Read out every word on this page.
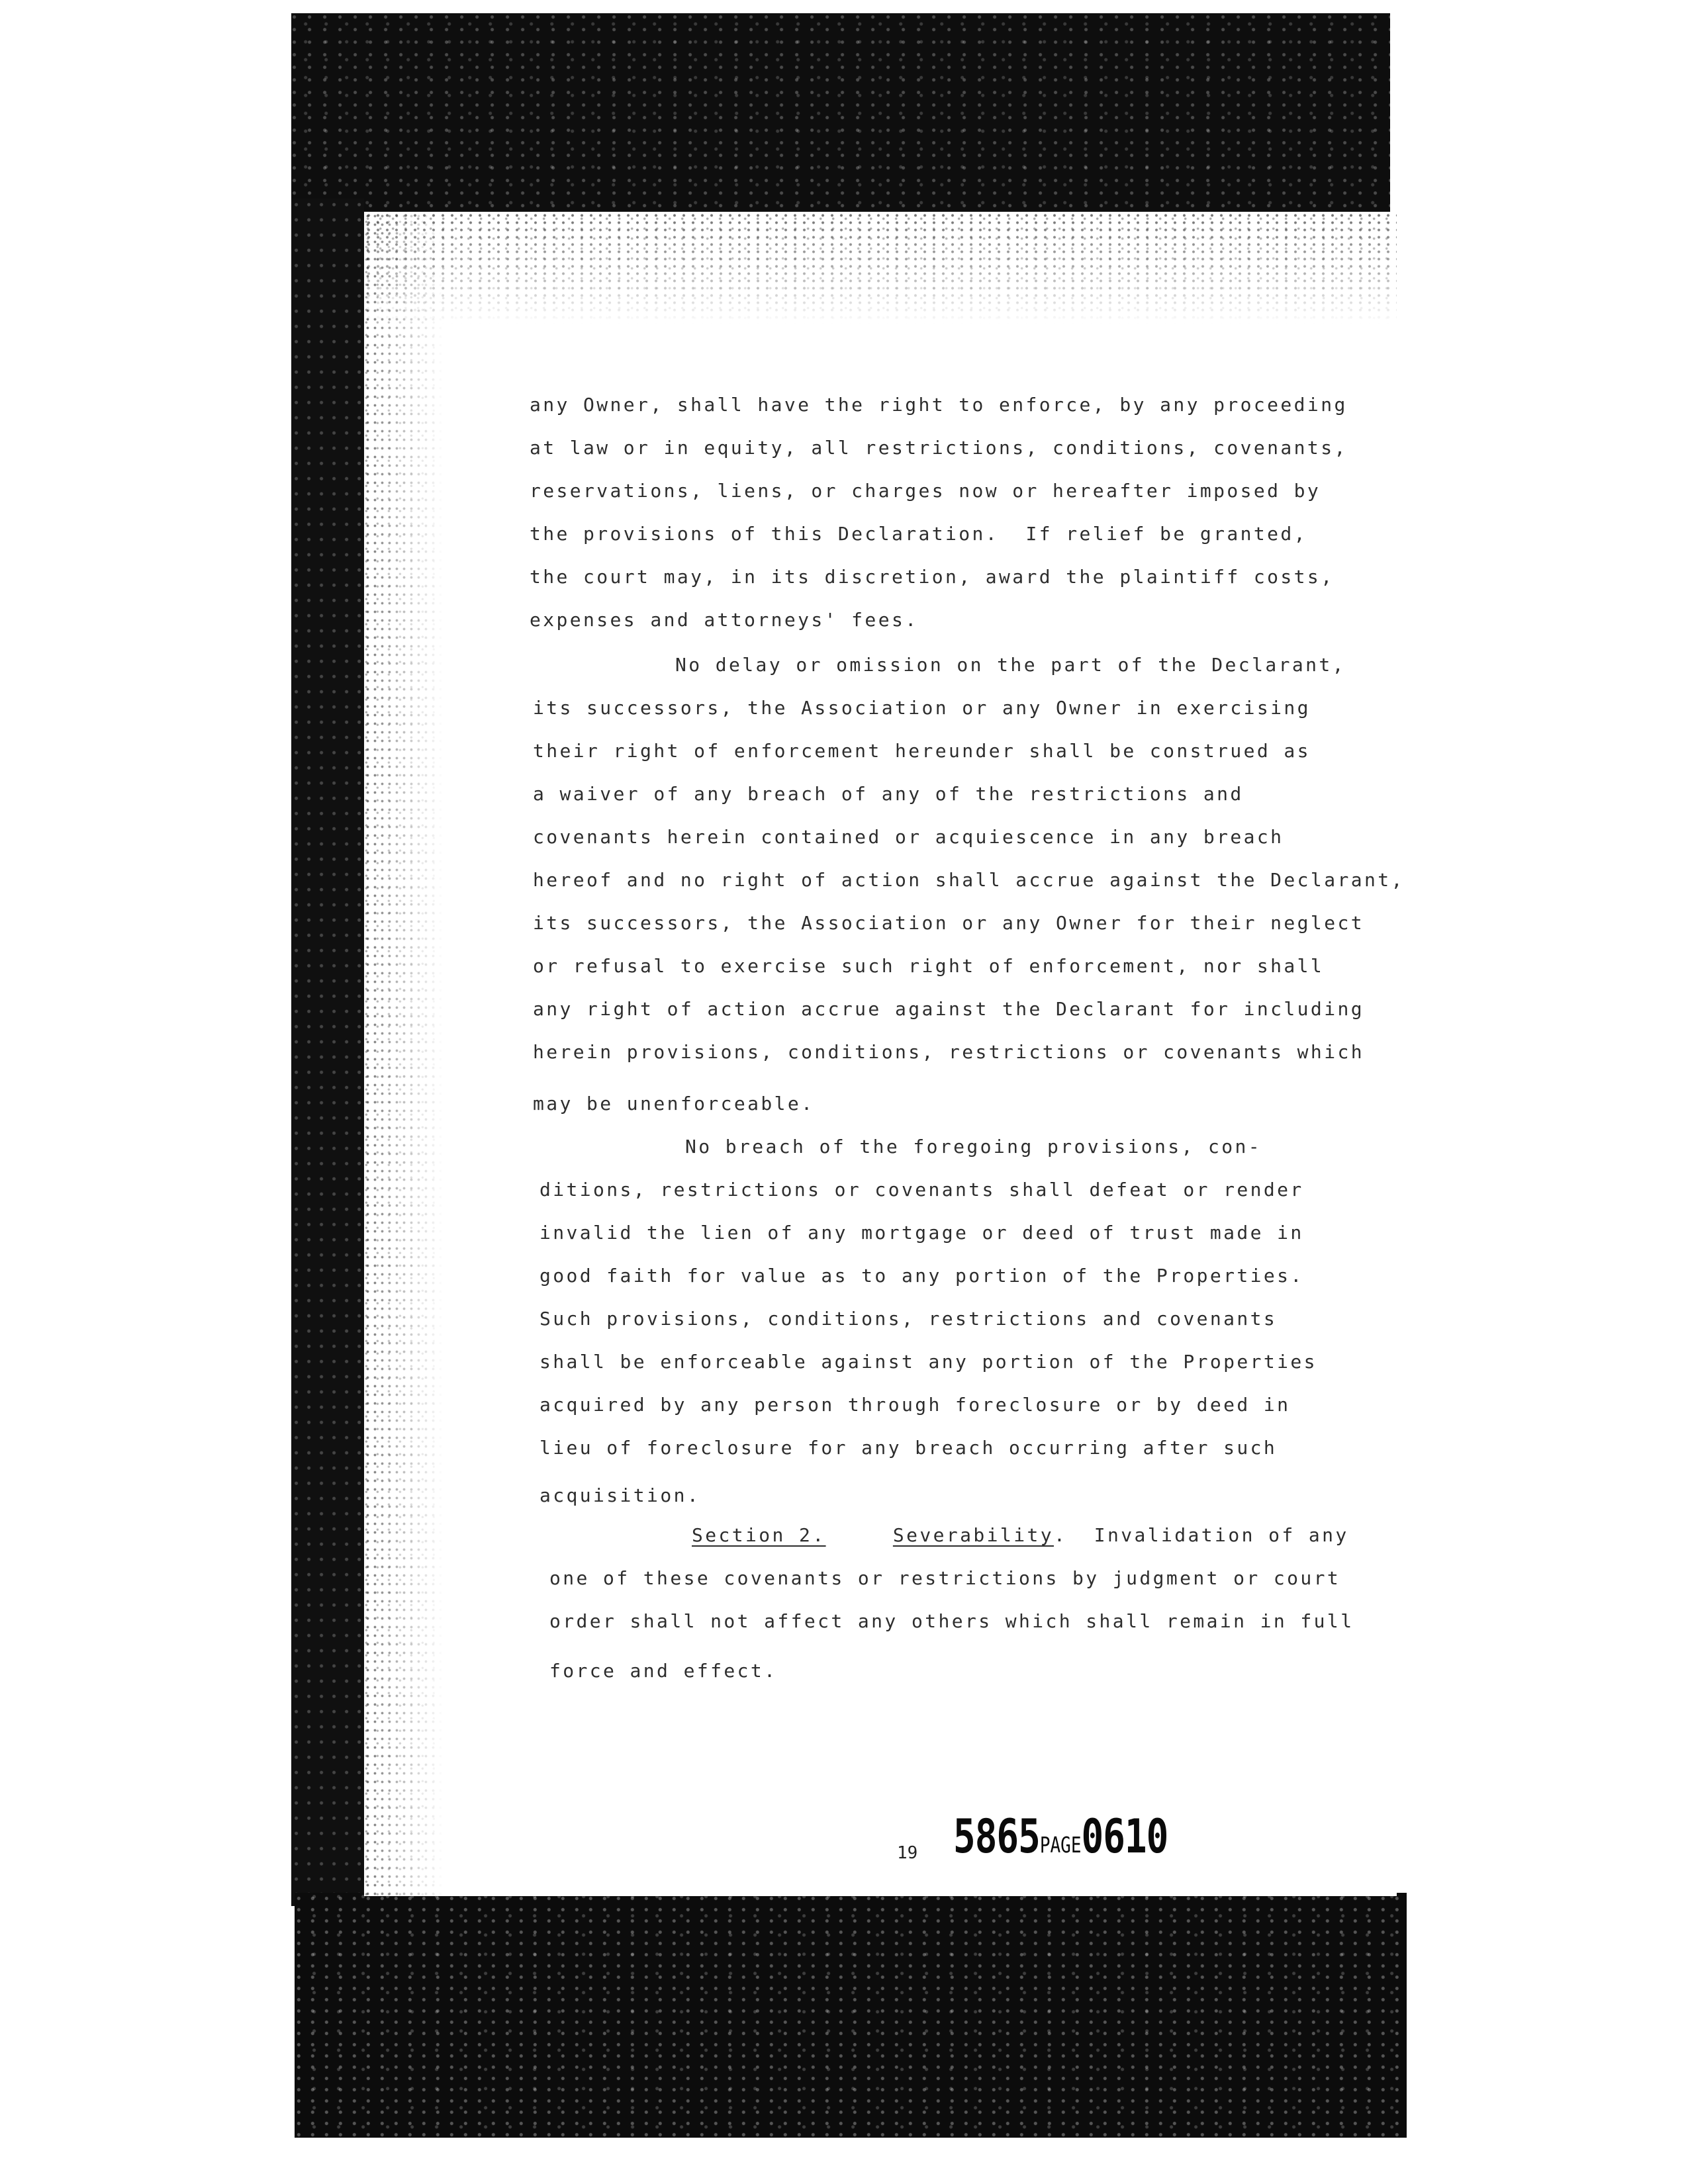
any Owner, shall have the right to enforce, by any proceeding
at law or in equity, all restrictions, conditions, covenants,
reservations, liens, or charges now or hereafter imposed by
the provisions of this Declaration.  If relief be granted,
the court may, in its discretion, award the plaintiff costs,
expenses and attorneys' fees.
No delay or omission on the part of the Declarant,
its successors, the Association or any Owner in exercising
their right of enforcement hereunder shall be construed as
a waiver of any breach of any of the restrictions and
covenants herein contained or acquiescence in any breach
hereof and no right of action shall accrue against the Declarant,
its successors, the Association or any Owner for their neglect
or refusal to exercise such right of enforcement, nor shall
any right of action accrue against the Declarant for including
herein provisions, conditions, restrictions or covenants which
may be unenforceable.
No breach of the foregoing provisions, con-
ditions, restrictions or covenants shall defeat or render
invalid the lien of any mortgage or deed of trust made in
good faith for value as to any portion of the Properties.
Such provisions, conditions, restrictions and covenants
shall be enforceable against any portion of the Properties
acquired by any person through foreclosure or by deed in
lieu of foreclosure for any breach occurring after such
acquisition.
Section 2.	Severability.  Invalidation of any
one of these covenants or restrictions by judgment or court
order shall not affect any others which shall remain in full
force and effect.
19 5865PAGE0610
